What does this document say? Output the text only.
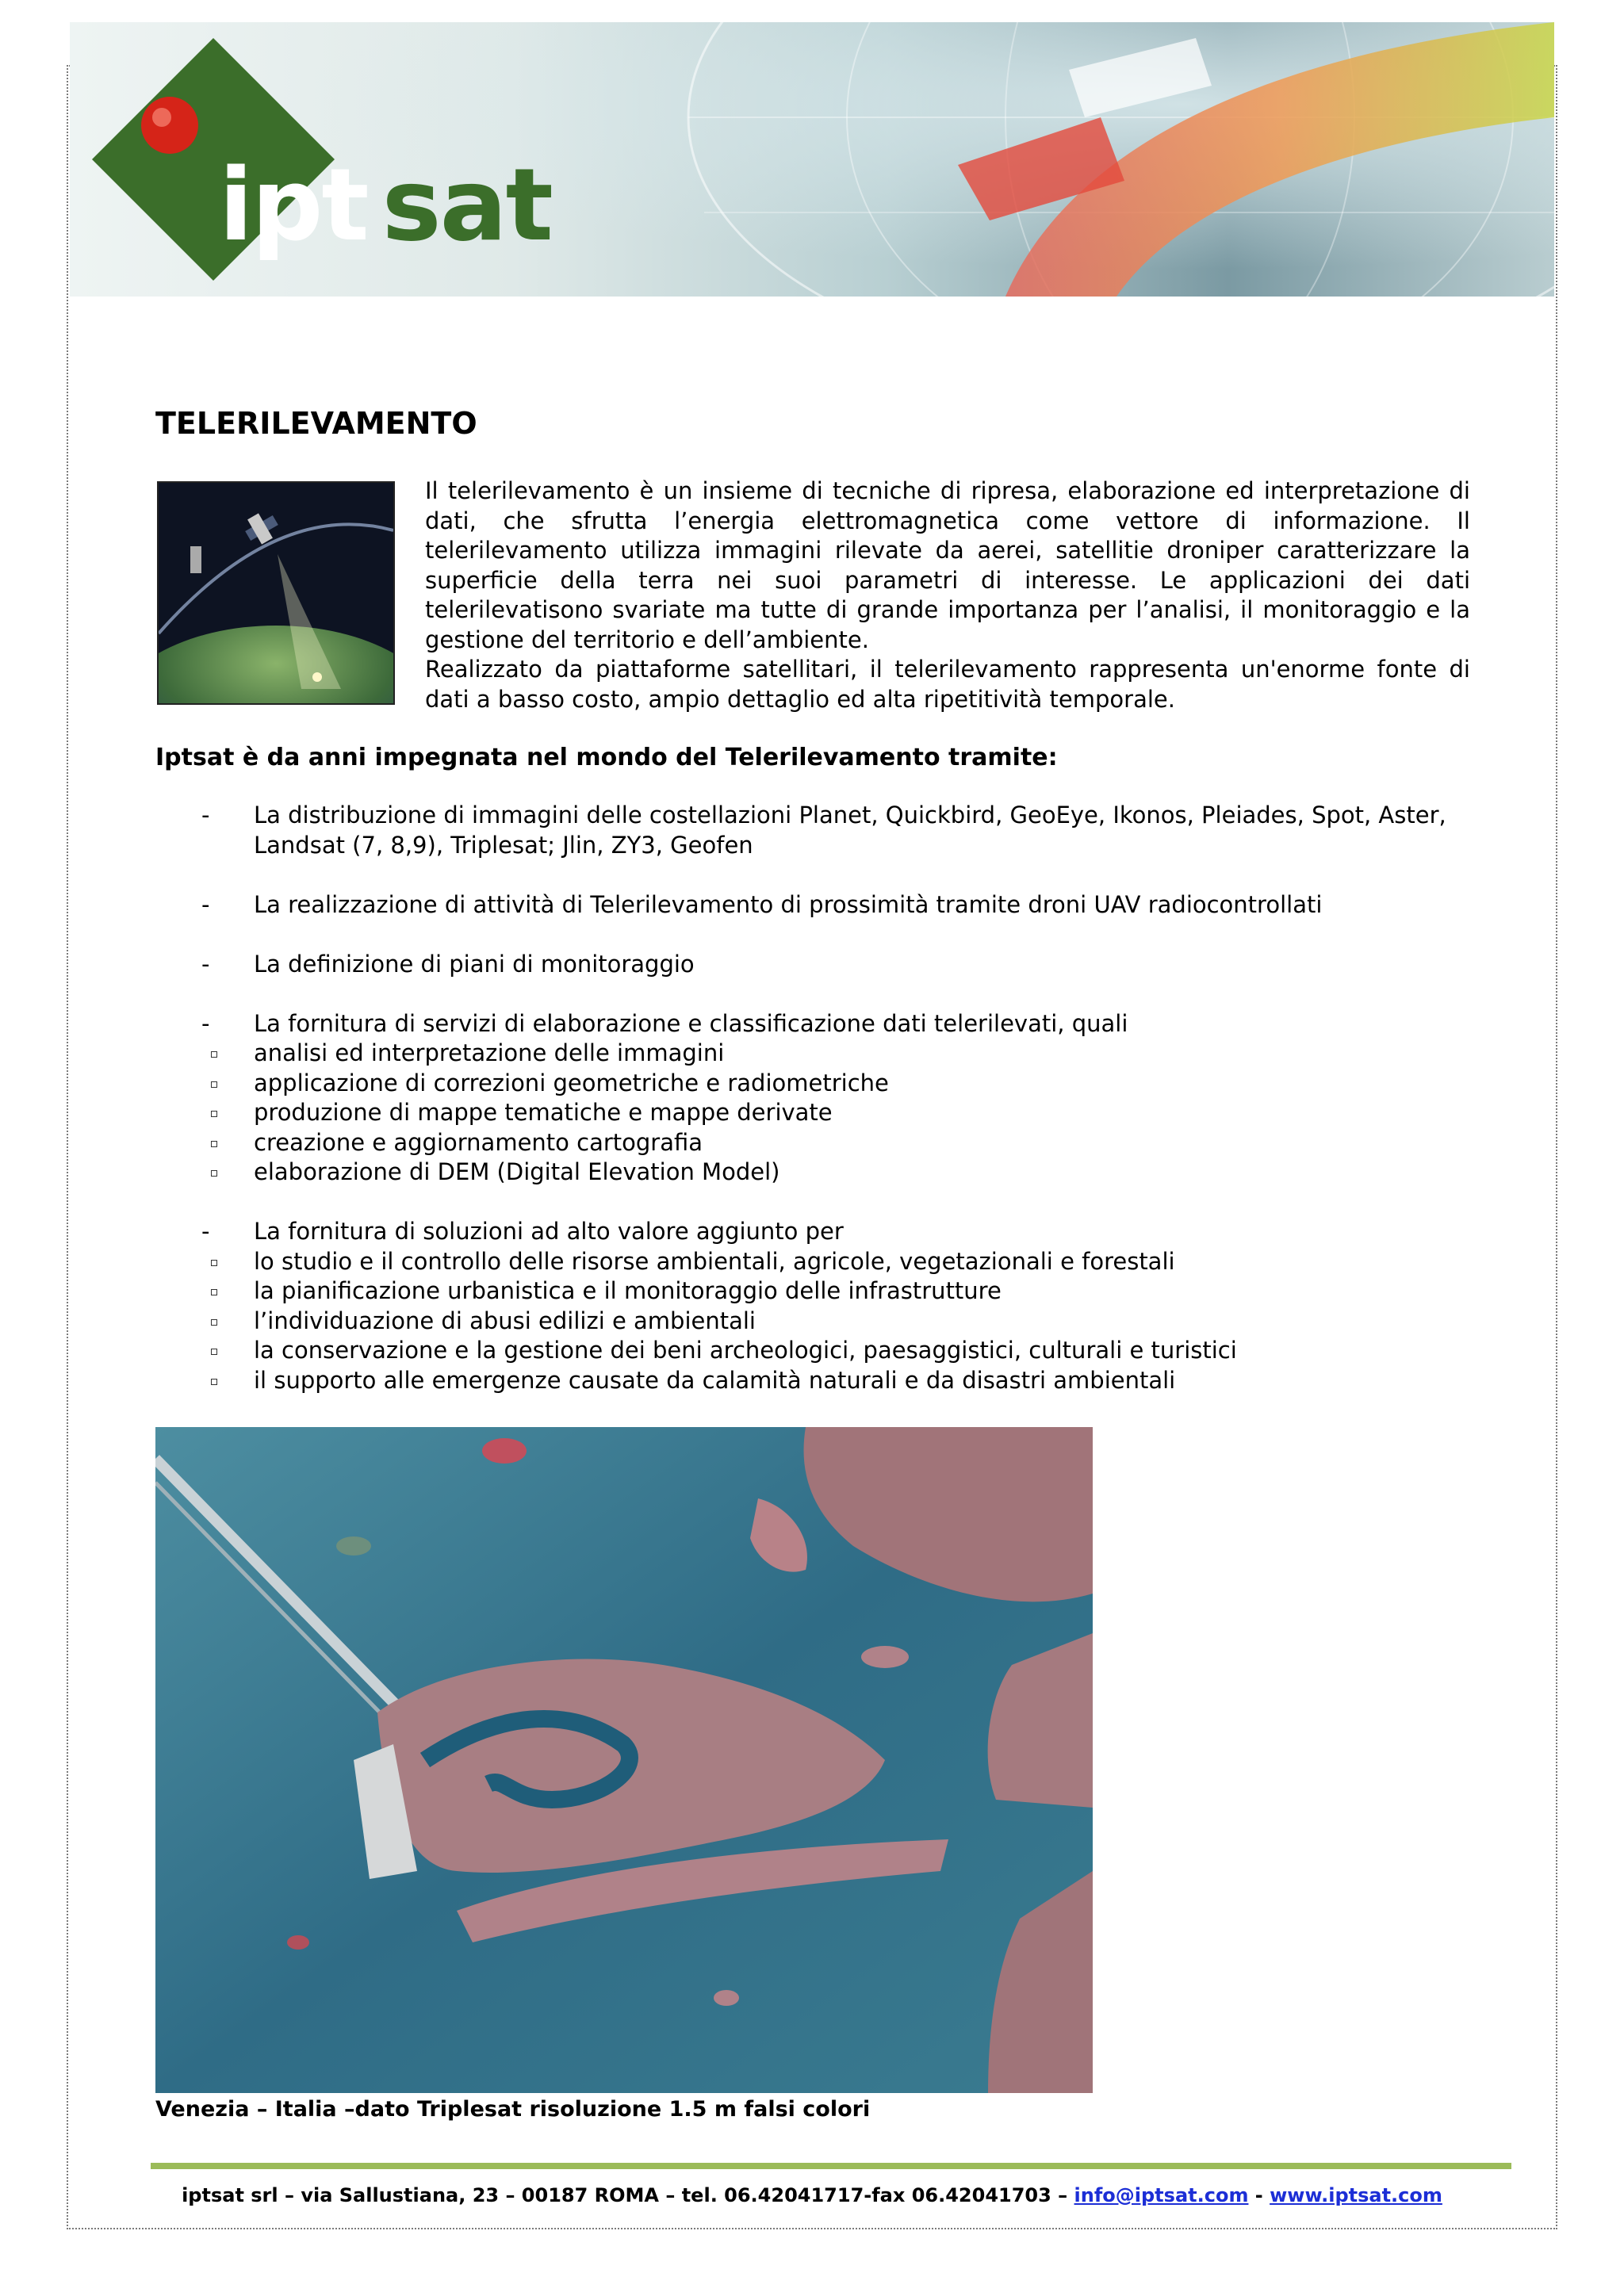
ipt sat
TELERILEVAMENTO

Il telerilevamento è un insieme di tecniche di ripresa, elaborazione ed interpretazione di dati, che sfrutta l’energia elettromagnetica come vettore di informazione. Il telerilevamento utilizza immagini rilevate da aerei, satellitie droniper caratterizzare la superficie della terra nei suoi parametri di interesse. Le applicazioni dei dati telerilevatisono svariate ma tutte di grande importanza per l’analisi, il monitoraggio e la gestione del territorio e dell’ambiente.

Realizzato da piattaforme satellitari, il telerilevamento rappresenta un'enorme fonte di dati a basso costo, ampio dettaglio ed alta ripetitività temporale.

Iptsat è da anni impegnata nel mondo del Telerilevamento tramite:
- La distribuzione di immagini delle costellazioni Planet, Quickbird, GeoEye, Ikonos, Pleiades, Spot, Aster, Landsat (7, 8,9), Triplesat; Jlin, ZY3, Geofen
- La realizzazione di attività di Telerilevamento di prossimità tramite droni UAV radiocontrollati
- La definizione di piani di monitoraggio
- La fornitura di servizi di elaborazione e classificazione dati telerilevati, quali
analisi ed interpretazione delle immagini
applicazione di correzioni geometriche e radiometriche
produzione di mappe tematiche e mappe derivate
creazione e aggiornamento cartografia
elaborazione di DEM (Digital Elevation Model)
- La fornitura di soluzioni ad alto valore aggiunto per
lo studio e il controllo delle risorse ambientali, agricole, vegetazionali e forestali
la pianificazione urbanistica e il monitoraggio delle infrastrutture
l’individuazione di abusi edilizi e ambientali
la conservazione e la gestione dei beni archeologici, paesaggistici, culturali e turistici
il supporto alle emergenze causate da calamità naturali e da disastri ambientali

Venezia – Italia –dato Triplesat risoluzione 1.5 m falsi colori

iptsat srl – via Sallustiana, 23 – 00187 ROMA – tel. 06.42041717-fax 06.42041703 – info@iptsat.com - www.iptsat.com
